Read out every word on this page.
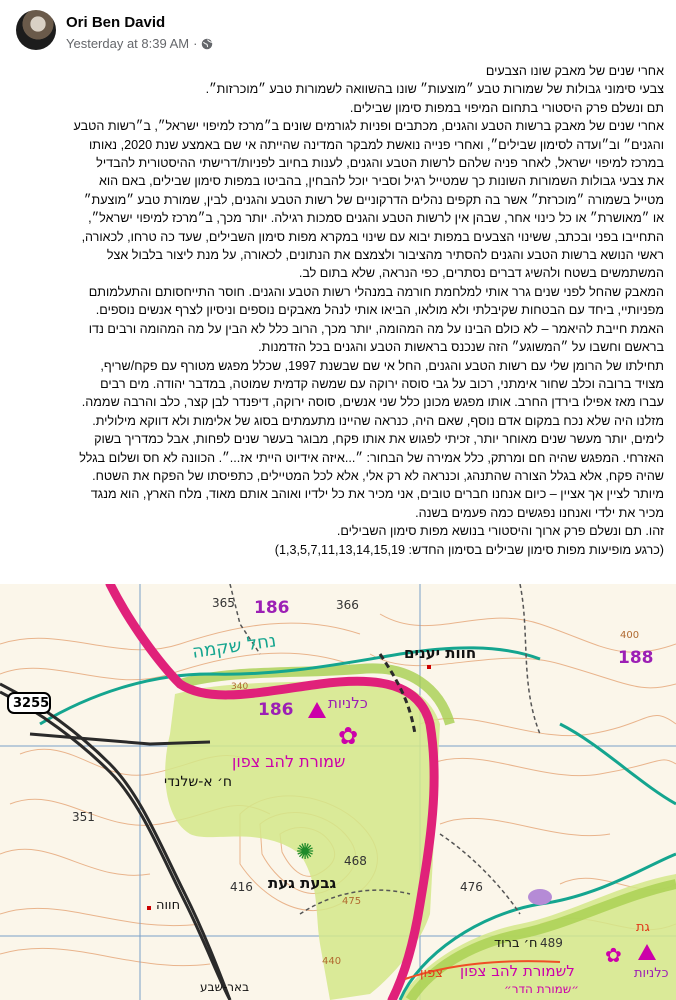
Ori Ben David
Yesterday at 8:39 AM ·

אחרי שנים של מאבק שונו הצבעים

צבעי סימוני גבולות של שמורות טבע ״מוצעות״ שונו בהשוואה לשמורות טבע ״מוכרזות״.

תם ונשלם פרק היסטורי בתחום המיפוי במפות סימון שבילים.

אחרי שנים של מאבק ברשות הטבע והגנים, מכתבים ופניות לגורמים שונים ב״מרכז למיפוי ישראל״, ב״רשות הטבע

והגנים״ וב״ועדה לסימון שבילים״, ואחרי פנייה נואשת למבקר המדינה שהייתה אי שם באמצע שנת 2020, נאותו

במרכז למיפוי ישראל, לאחר פניה שלהם לרשות הטבע והגנים, לענות בחיוב לפניות/דרישתי ההיסטורית להבדיל

את צבעי גבולות השמורות השונות כך שמטייל רגיל וסביר יוכל להבחין, בהביטו במפות סימון שבילים, באם הוא

מטייל בשמורה ״מוכרזת״ אשר בה תקפים נהלים הדרקוניים של רשות הטבע והגנים, לבין, שמורת טבע ״מוצעת״

או ״מאושרת״ או כל כינוי אחר, שבהן אין לרשות הטבע והגנים סמכות רגילה. יותר מכך, ב״מרכז למיפוי ישראל״,

התחייבו בפני ובכתב, ששינוי הצבעים במפות יבוא עם שינוי במקרא מפות סימון השבילים, שעד כה טרחו, לכאורה,

ראשי הנושא ברשות הטבע והגנים להסתיר מהציבור ולצמצם את הנתונים, לכאורה, על מנת ליצור בלבול אצל

המשתמשים בשטח ולהשיג דברים נסתרים, כפי הנראה, שלא בתום לב.

המאבק שהחל לפני שנים גרר אותי למלחמת חורמה במנהלי רשות הטבע והגנים. חוסר התייחסותם והתעלמותם

מפניותיי, ביחד עם הבטחות שקיבלתי ולא מולאו, הביאו אותי לנהל מאבקים נוספים וניסיון לצרף אנשים נוספים.

האמת חייבת להיאמר – לא כולם הבינו על מה המהומה, יותר מכך, הרוב כלל לא הבין על מה המהומה ורבים נדו

בראשם וחשבו על ״המשוגע״ הזה שנכנס בראשות הטבע והגנים בכל הזדמנות.

תחילתו של הרומן שלי עם רשות הטבע והגנים, החל אי שם שבשנת 1997, שכלל מפגש מטורף עם פקח/שריף,

מצויד ברובה וכלב שחור אימתני, רכוב על גבי סוסה ירוקה עם שמשה קדמית שמוטה, במדבר יהודה. מים רבים

עברו מאז אפילו בירדן החרב. אותו מפגש מכונן כלל שני אנשים, סוסה ירוקה, דיפנדר לבן קצר, כלב והרבה שממה.

מזלנו היה שלא נכח במקום אדם נוסף, שאם היה, כנראה שהיינו מתעמתים בסוג של אלימות ולא דווקא מילולית.

לימים, יותר מעשר שנים מאוחר יותר, זכיתי לפגוש את אותו פקח, מבוגר בעשר שנים לפחות, אבל כמדריך בשוק

האזרחי. המפגש שהיה חם ומרתק, כלל אמירה של הבחור: ״...איזה אידיוט הייתי אז...״. הכוונה לא חס ושלום בגלל

שהיה פקח, אלא בגלל הצורה שהתנהג, וכנראה לא רק אלי, אלא לכל המטיילים, כתפיסתו של הפקח את השטח.

מיותר לציין אך אציין – כיום אנחנו חברים טובים, אני מכיר את כל ילדיו ואוהב אותם מאוד, מלח הארץ, הוא מנגד

מכיר את ילדי ואנחנו נפגשים כמה פעמים בשנה.

זהו. תם ונשלם פרק ארוך והיסטורי בנושא מפות סימון השבילים.

(כרגע מופיעות מפות סימון שבילים בסימון החדש: 1,3,5,7,11,13,14,15,19)

✿
✿
✺
3255
365	366
340
351
416
468
475
476
489
440
400
186
186
188
נחל שקמה	חוות יענים
כלניות
שמורת להב צפון
ח׳ א-שלנדי
גבעת געת
חווה
ח׳ ברוד
גת
כלניות
לשמורת להב צפון
באר-שבע	״שמורת הדר״
צפון
